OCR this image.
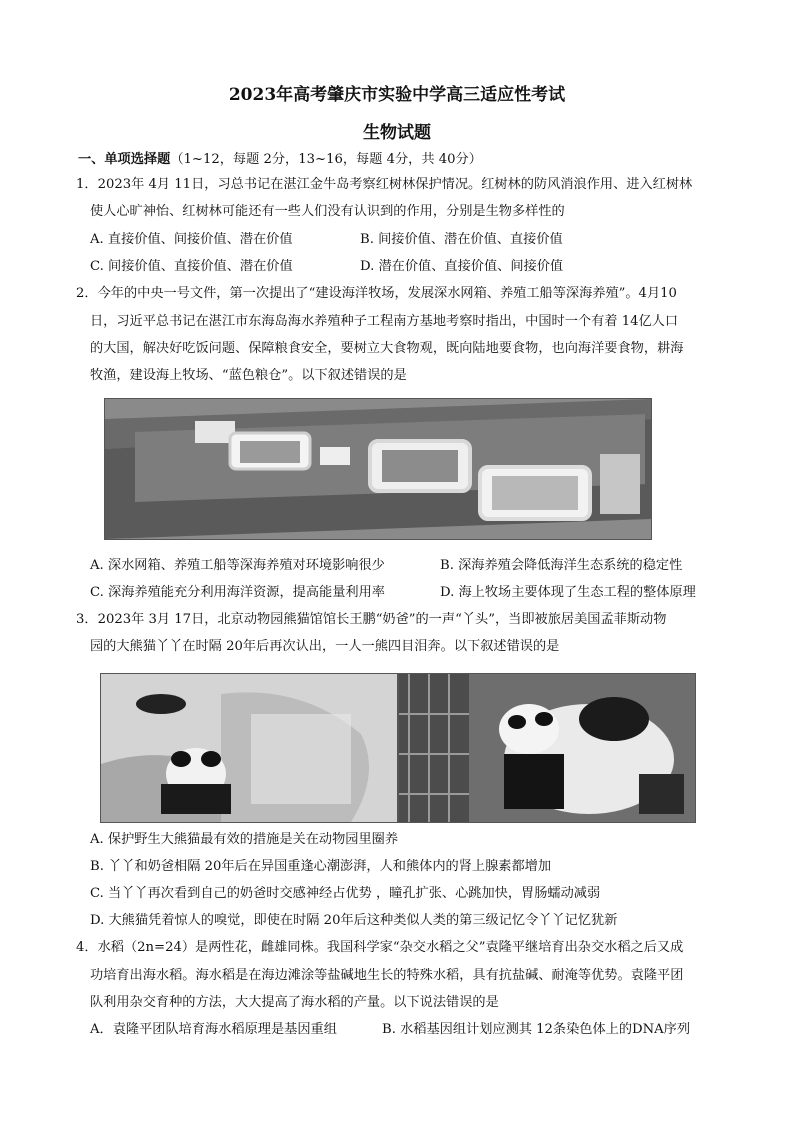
2023年高考肇庆市实验中学高三适应性考试
生物试题
一、单项选择题（1~12，每题 2分，13~16，每题 4分，共 40分）
1．2023年 4月 11日，习总书记在湛江金牛岛考察红树林保护情况。红树林的防风消浪作用、进入红树林
使人心旷神怡、红树林可能还有一些人们没有认识到的作用，分别是生物多样性的
A. 直接价值、间接价值、潜在价值	B. 间接价值、潜在价值、直接价值
C. 间接价值、直接价值、潜在价值	D. 潜在价值、直接价值、间接价值
2．今年的中央一号文件，第一次提出了“建设海洋牧场，发展深水网箱、养殖工船等深海养殖”。4月10
日，习近平总书记在湛江市东海岛海水养殖种子工程南方基地考察时指出，中国时一个有着 14亿人口
的大国，解决好吃饭问题、保障粮食安全，要树立大食物观，既向陆地要食物，也向海洋要食物，耕海
牧渔，建设海上牧场、“蓝色粮仓”。以下叙述错误的是
A. 深水网箱、养殖工船等深海养殖对环境影响很少	B. 深海养殖会降低海洋生态系统的稳定性
C. 深海养殖能充分利用海洋资源，提高能量利用率	D. 海上牧场主要体现了生态工程的整体原理
3．2023年 3月 17日，北京动物园熊猫馆馆长王鹏“奶爸”的一声“丫头”，当即被旅居美国孟菲斯动物
园的大熊猫丫丫在时隔 20年后再次认出，一人一熊四目泪奔。以下叙述错误的是
A. 保护野生大熊猫最有效的措施是关在动物园里圈养
B. 丫丫和奶爸相隔 20年后在异国重逢心潮澎湃，人和熊体内的肾上腺素都增加
C. 当丫丫再次看到自己的奶爸时交感神经占优势 ，瞳孔扩张、心跳加快，胃肠蠕动减弱
D. 大熊猫凭着惊人的嗅觉，即使在时隔 20年后这种类似人类的第三级记忆令丫丫记忆犹新
4．水稻（2n=24）是两性花，雌雄同株。我国科学家“杂交水稻之父”袁隆平继培育出杂交水稻之后又成
功培育出海水稻。海水稻是在海边滩涂等盐碱地生长的特殊水稻，具有抗盐碱、耐淹等优势。袁隆平团
队利用杂交育种的方法，大大提高了海水稻的产量。以下说法错误的是
A．袁隆平团队培育海水稻原理是基因重组	B. 水稻基因组计划应测其 12条染色体上的DNA序列
